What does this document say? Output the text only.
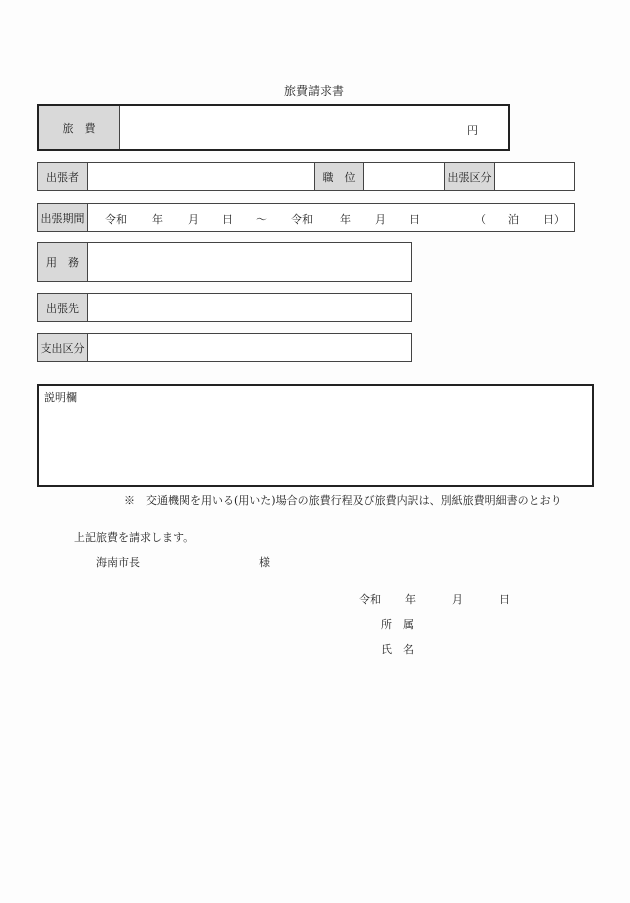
旅費請求書
旅　費	円
出張者	職　位	出張区分
出張期間	令和 年 月 日 ～ 令和 年 月 日	（ 泊 日）
用　務
出張先
支出区分
説明欄
※　交通機関を用いる(用いた)場合の旅費行程及び旅費内訳は、別紙旅費明細書のとおり
上記旅費を請求します。
海南市長	様
令和 年	月	日
所　属
氏　名
